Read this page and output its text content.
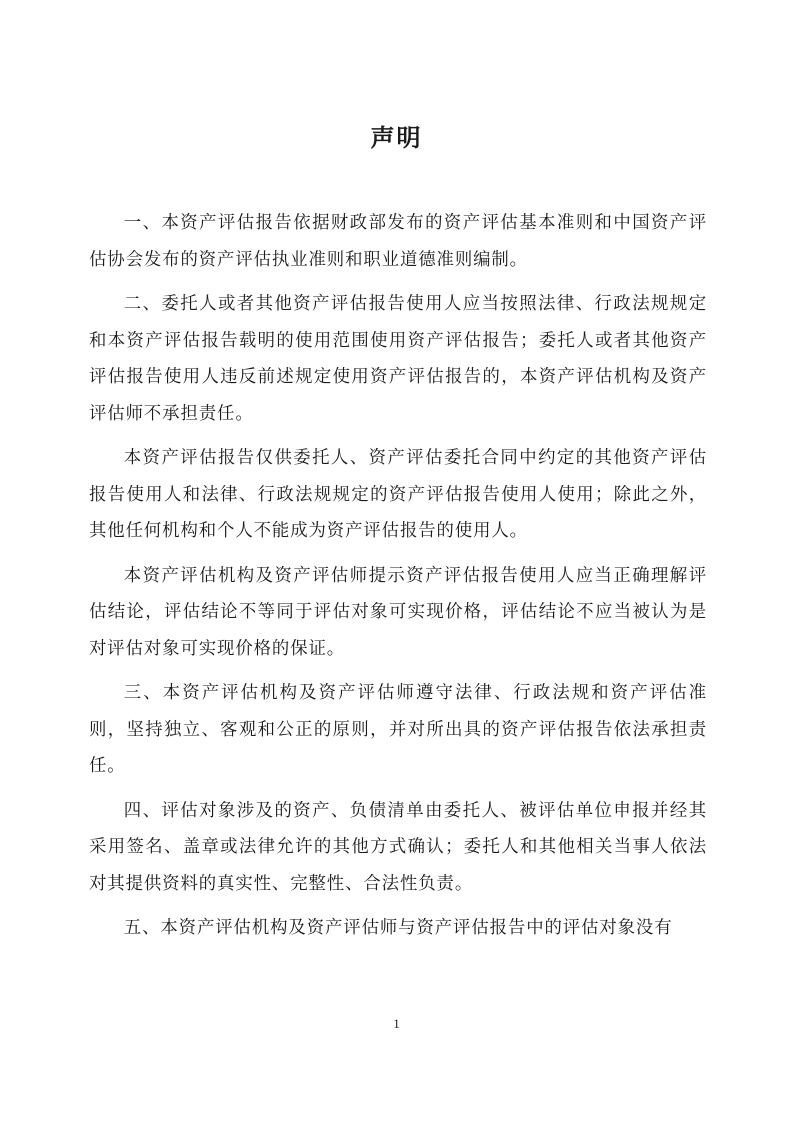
声明

一、本资产评估报告依据财政部发布的资产评估基本准则和中国资产评估协会发布的资产评估执业准则和职业道德准则编制。

二、委托人或者其他资产评估报告使用人应当按照法律、行政法规规定和本资产评估报告载明的使用范围使用资产评估报告；委托人或者其他资产评估报告使用人违反前述规定使用资产评估报告的，本资产评估机构及资产评估师不承担责任。

本资产评估报告仅供委托人、资产评估委托合同中约定的其他资产评估报告使用人和法律、行政法规规定的资产评估报告使用人使用；除此之外，其他任何机构和个人不能成为资产评估报告的使用人。

本资产评估机构及资产评估师提示资产评估报告使用人应当正确理解评估结论，评估结论不等同于评估对象可实现价格，评估结论不应当被认为是对评估对象可实现价格的保证。

三、本资产评估机构及资产评估师遵守法律、行政法规和资产评估准则，坚持独立、客观和公正的原则，并对所出具的资产评估报告依法承担责任。

四、评估对象涉及的资产、负债清单由委托人、被评估单位申报并经其采用签名、盖章或法律允许的其他方式确认；委托人和其他相关当事人依法对其提供资料的真实性、完整性、合法性负责。

五、本资产评估机构及资产评估师与资产评估报告中的评估对象没有

1
